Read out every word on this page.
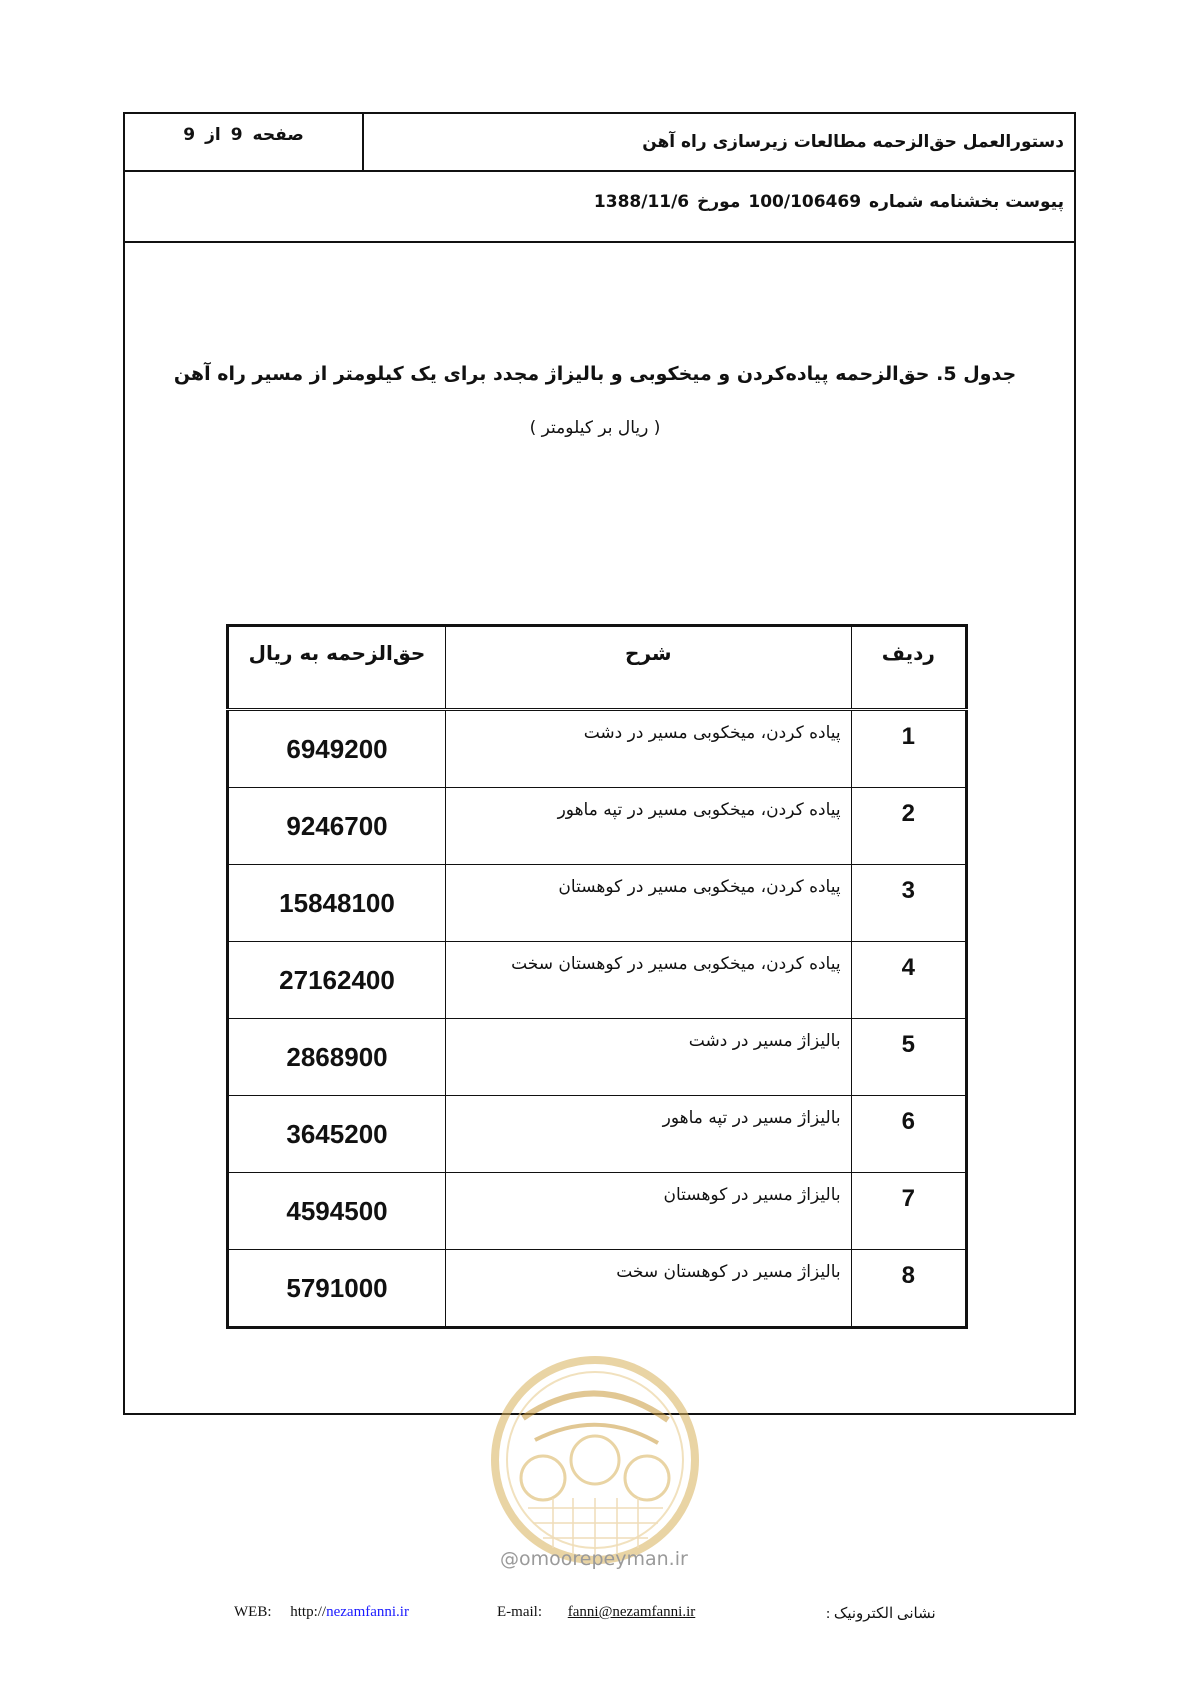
صفحه
9
از
9	دستورالعمل حق‌الزحمه مطالعات زیرسازی راه آهن
پیوست بخشنامه شماره
100/106469
مورخ
1388/11/6
جدول 5. حق‌الزحمه پیاده‌کردن و میخکوبی و بالیزاژ مجدد برای یک کیلومتر از مسیر راه آهن
( ریال بر کیلومتر )
ردیف	شرح	حق‌الزحمه به ریال
1	پیاده کردن، میخکوبی مسیر در دشت	6949200
2	پیاده کردن، میخکوبی مسیر در تپه ماهور	9246700
3	پیاده کردن، میخکوبی مسیر در کوهستان	15848100
4	پیاده کردن، میخکوبی مسیر در کوهستان سخت	27162400
5	بالیزاژ مسیر در دشت	2868900
6	بالیزاژ مسیر در تپه ماهور	3645200
7	بالیزاژ مسیر در کوهستان	4594500
8	بالیزاژ مسیر در کوهستان سخت	5791000
@omoorepeyman.ir
WEB: http://nezamfanni.ir	E-mail: fanni@nezamfanni.ir	نشانی الکترونیک :
